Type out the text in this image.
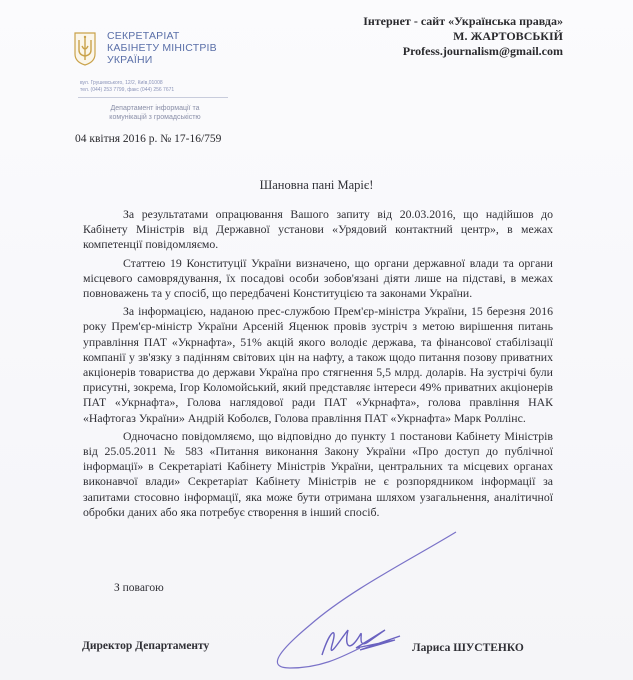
СЕКРЕТАРІАТ
КАБІНЕТУ МІНІСТРІВ
УКРАЇНИ
вул. Грушевського, 12/2, Київ,01008
тел. (044) 253 7799, факс (044) 256 7671
Департамент інформації та
комунікацій з громадськістю
04 квітня 2016 р. № 17-16/759
Інтернет - сайт «Українська правда»
М. ЖАРТОВСЬКІЙ
Profess.journalism@gmail.com
Шановна пані Маріє!

За результатами опрацювання Вашого запиту від 20.03.2016, що надійшов до Кабінету Міністрів від Державної установи «Урядовий контактний центр», в межах компетенції повідомляємо.

Статтею 19 Конституції України визначено, що органи державної влади та органи місцевого самоврядування, їх посадові особи зобов'язані діяти лише на підставі, в межах повноважень та у спосіб, що передбачені Конституцією та законами України.

За інформацією, наданою прес-службою Прем'єр-міністра України, 15 березня 2016 року Прем'єр-міністр України Арсеній Яценюк провів зустріч з метою вирішення питань управління ПАТ «Укрнафта», 51% акцій якого володіє держава, та фінансової стабілізації компанії у зв'язку з падінням світових цін на нафту, а також щодо питання позову приватних акціонерів товариства до держави Україна про стягнення 5,5 млрд. доларів. На зустрічі були присутні, зокрема, Ігор Коломойський, який представляє інтереси 49% приватних акціонерів ПАТ «Укрнафта», Голова наглядової ради ПАТ «Укрнафта», голова правління НАК «Нафтогаз України» Андрій Коболєв, Голова правління ПАТ «Укрнафта» Марк Роллінс.

Одночасно повідомляємо, що відповідно до пункту 1 постанови Кабінету Міністрів від 25.05.2011 № 583 «Питання виконання Закону України «Про доступ до публічної інформації» в Секретаріаті Кабінету Міністрів України, центральних та місцевих органах виконавчої влади» Секретаріат Кабінету Міністрів не є розпорядником інформації за запитами стосовно інформації, яка може бути отримана шляхом узагальнення, аналітичної обробки даних або яка потребує створення в інший спосіб.

З повагою
Директор Департаменту	Лариса ШУСТЕНКО
